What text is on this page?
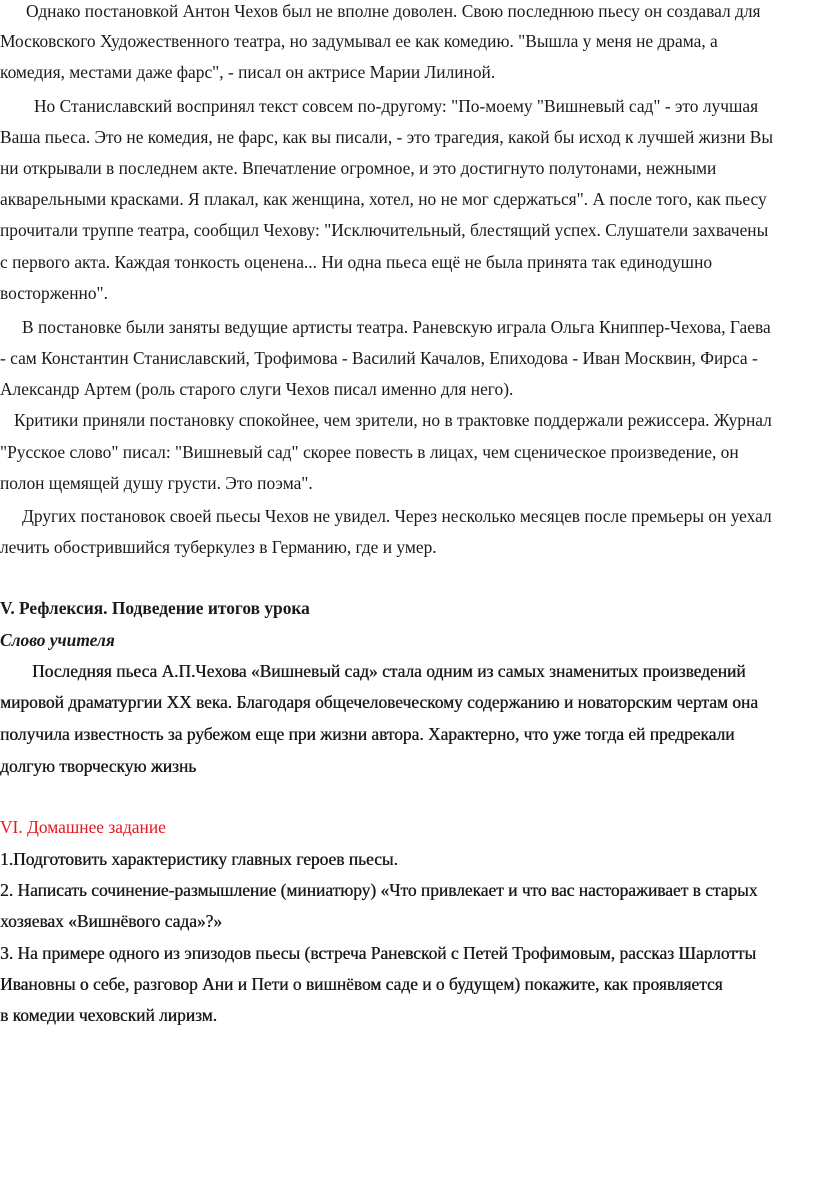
Однако постановкой Антон Чехов был не вполне доволен. Свою последнюю пьесу он создавал для
Московского Художественного театра, но задумывал ее как комедию. "Вышла у меня не драма, а
комедия, местами даже фарс", - писал он актрисе Марии Лилиной.
Но Станиславский воспринял текст совсем по-другому: "По-моему "Вишневый сад" - это лучшая
Ваша пьеса. Это не комедия, не фарс, как вы писали, - это трагедия, какой бы исход к лучшей жизни Вы
ни открывали в последнем акте. Впечатление огромное, и это достигнуто полутонами, нежными
акварельными красками. Я плакал, как женщина, хотел, но не мог сдержаться". А после того, как пьесу
прочитали труппе театра, сообщил Чехову: "Исключительный, блестящий успех. Слушатели захвачены
с первого акта. Каждая тонкость оценена... Ни одна пьеса ещё не была принята так единодушно
восторженно".
В постановке были заняты ведущие артисты театра. Раневскую играла Ольга Книппер-Чехова, Гаева
- сам Константин Станиславский, Трофимова - Василий Качалов, Епиходова - Иван Москвин, Фирса -
Александр Артем (роль старого слуги Чехов писал именно для него).
Критики приняли постановку спокойнее, чем зрители, но в трактовке поддержали режиссера. Журнал
"Русское слово" писал: "Вишневый сад" скорее повесть в лицах, чем сценическое произведение, он
полон щемящей душу грусти. Это поэма".
Других постановок своей пьесы Чехов не увидел. Через несколько месяцев после премьеры он уехал
лечить обострившийся туберкулез в Германию, где и умер.
V. Рефлексия. Подведение итогов урока
Слово учителя
Последняя пьеса А.П.Чехова «Вишневый сад» стала одним из самых знаменитых произведений
мировой драматургии XX века. Благодаря общечеловеческому содержанию и новаторским чертам она
получила известность за рубежом еще при жизни автора. Характерно, что уже тогда ей предрекали
долгую творческую жизнь
VI. Домашнее задание
1.Подготовить характеристику главных героев пьесы.
2. Написать сочинение-размышление (миниатюру) «Что привлекает и что вас настораживает в старых
хозяевах «Вишнёвого сада»?»
3. На примере одного из эпизодов пьесы (встреча Раневской с Петей Трофимовым, рассказ Шарлотты
Ивановны о себе, разговор Ани и Пети о вишнёвом саде и о будущем) покажите, как проявляется
в комедии чеховский лиризм.
